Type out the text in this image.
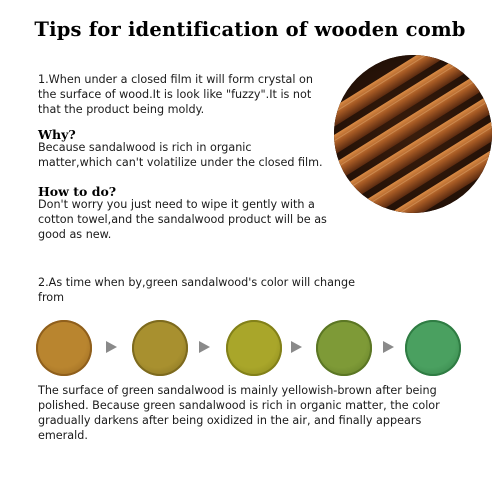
Tips for identification of wooden comb
1.When under a closed film it will form crystal on the surface of wood.It is look like "fuzzy".It is not that the product being moldy.
Why?
Because sandalwood is rich in organic matter,which can't volatilize under the closed film.
How to do?
Don't worry you just need to wipe it gently with a cotton towel,and the sandalwood product will be as good as new.
2.As time when by,green sandalwood's color will change from
The surface of green sandalwood is mainly yellowish-brown after being polished. Because green sandalwood is rich in organic matter, the color gradually darkens after being oxidized in the air, and finally appears emerald.
